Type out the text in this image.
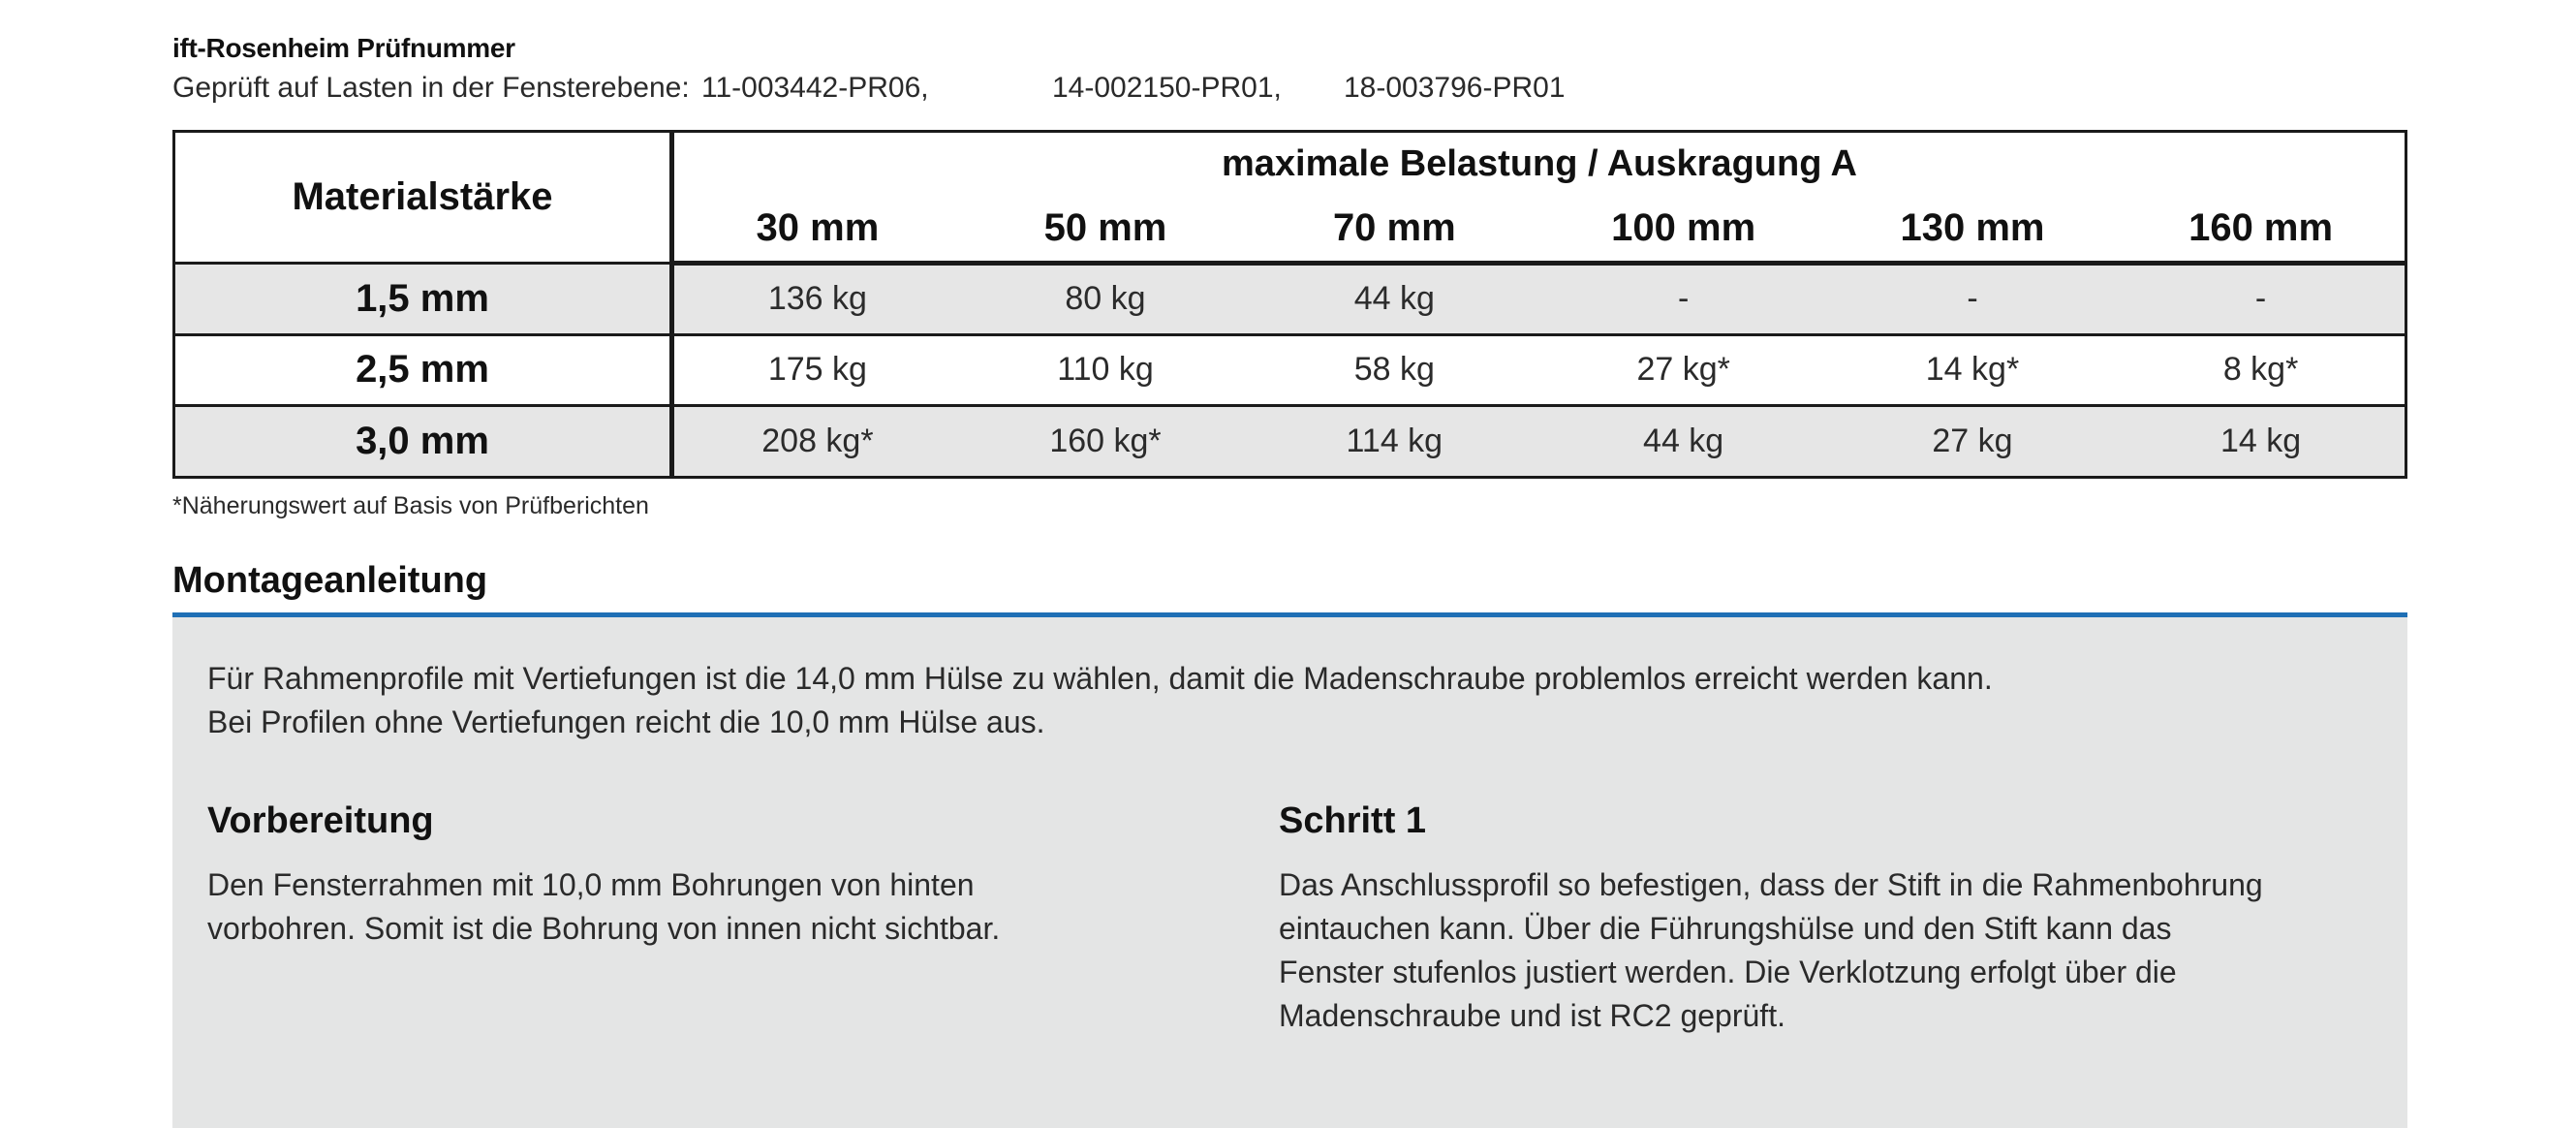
ift-Rosenheim Prüfnummer
Geprüft auf Lasten in der Fensterebene: 11-003442-PR06,	14-002150-PR01, 18-003796-PR01
Materialstärke	maximale Belastung / Auskragung A					
	30 mm	50 mm	70 mm	100 mm	130 mm	160 mm
1,5 mm	136 kg	80 kg	44 kg	-	-	-
2,5 mm	175 kg	110 kg	58 kg	27 kg*	14 kg*	8 kg*
3,0 mm	208 kg*	160 kg*	114 kg	44 kg	27 kg	14 kg
*Näherungswert auf Basis von Prüfberichten
Montageanleitung
Für Rahmenprofile mit Vertiefungen ist die 14,0 mm Hülse zu wählen, damit die Madenschraube problemlos erreicht werden kann.
Bei Profilen ohne Vertiefungen reicht die 10,0 mm Hülse aus.
Vorbereitung

Den Fensterrahmen mit 10,0 mm Bohrungen von hinten
vorbohren. Somit ist die Bohrung von innen nicht sichtbar.

Schritt 1

Das Anschlussprofil so befestigen, dass der Stift in die Rahmenbohrung
eintauchen kann. Über die Führungshülse und den Stift kann das
Fenster stufenlos justiert werden. Die Verklotzung erfolgt über die
Madenschraube und ist RC2 geprüft.
